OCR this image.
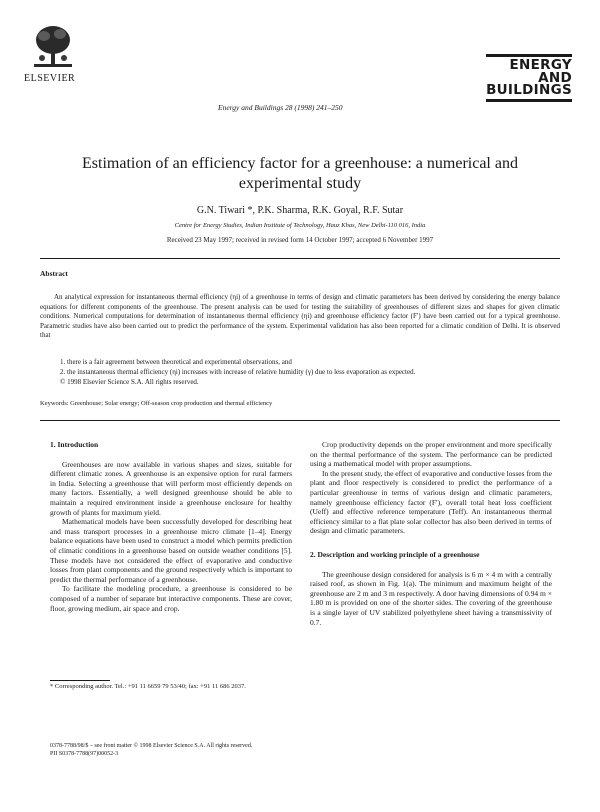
ELSEVIER
Energy and Buildings 28 (1998) 241–250
ENERGY
AND
BUILDINGS
Estimation of an efficiency factor for a greenhouse: a numerical and experimental study
G.N. Tiwari *, P.K. Sharma, R.K. Goyal, R.F. Sutar
Centre for Energy Studies, Indian Institute of Technology, Hauz Khas, New Delhi-110 016, India
Received 23 May 1997; received in revised form 14 October 1997; accepted 6 November 1997
Abstract
An analytical expression for instantaneous thermal efficiency (ηi) of a greenhouse in terms of design and climatic parameters has been derived by considering the energy balance equations for different components of the greenhouse. The present analysis can be used for testing the suitability of greenhouses of different sizes and shapes for given climatic conditions. Numerical computations for determination of instantaneous thermal efficiency (ηi) and greenhouse efficiency factor (F′) have been carried out for a typical greenhouse. Parametric studies have also been carried out to predict the performance of the system. Experimental validation has also been reported for a climatic condition of Delhi. It is observed that
1. there is a fair agreement between theoretical and experimental observations, and
2. the instantaneous thermal efficiency (ηi) increases with increase of relative humidity (γ) due to less evaporation as expected.
© 1998 Elsevier Science S.A. All rights reserved.
Keywords: Greenhouse; Solar energy; Off-season crop production and thermal efficiency
1. Introduction

Greenhouses are now available in various shapes and sizes, suitable for different climatic zones. A greenhouse is an expensive option for rural farmers in India. Selecting a greenhouse that will perform most efficiently depends on many factors. Essentially, a well designed greenhouse should be able to maintain a required environment inside a greenhouse enclosure for healthy growth of plants for maximum yield.

Mathematical models have been successfully developed for describing heat and mass transport processes in a greenhouse micro climate [1–4]. Energy balance equations have been used to construct a model which permits prediction of climatic conditions in a greenhouse based on outside weather conditions [5]. These models have not considered the effect of evaporative and conductive losses from plant components and the ground respectively which is important to predict the thermal performance of a greenhouse.

To facilitate the modeling procedure, a greenhouse is considered to be composed of a number of separate but interactive components. These are cover, floor, growing medium, air space and crop.

Crop productivity depends on the proper environment and more specifically on the thermal performance of the system. The performance can be predicted using a mathematical model with proper assumptions.

In the present study, the effect of evaporative and conductive losses from the plant and floor respectively is considered to predict the performance of a particular greenhouse in terms of various design and climatic parameters, namely greenhouse efficiency factor (F′), overall total heat loss coefficient (Ueff) and effective reference temperature (Teff). An instantaneous thermal efficiency similar to a flat plate solar collector has also been derived in terms of design and climatic parameters.

2. Description and working principle of a greenhouse

The greenhouse design considered for analysis is 6 m × 4 m with a centrally raised roof, as shown in Fig. 1(a). The minimum and maximum height of the greenhouse are 2 m and 3 m respectively. A door having dimensions of 0.94 m × 1.80 m is provided on one of the shorter sides. The covering of the greenhouse is a single layer of UV stabilized polyethylene sheet having a transmissivity of 0.7.

* Corresponding author. Tel.: +91 11 6659 79 53/40; fax: +91 11 686 2037.
0378-7788/98/$ – see front matter © 1998 Elsevier Science S.A. All rights reserved.
PII S0378-7788(97)00052-3
